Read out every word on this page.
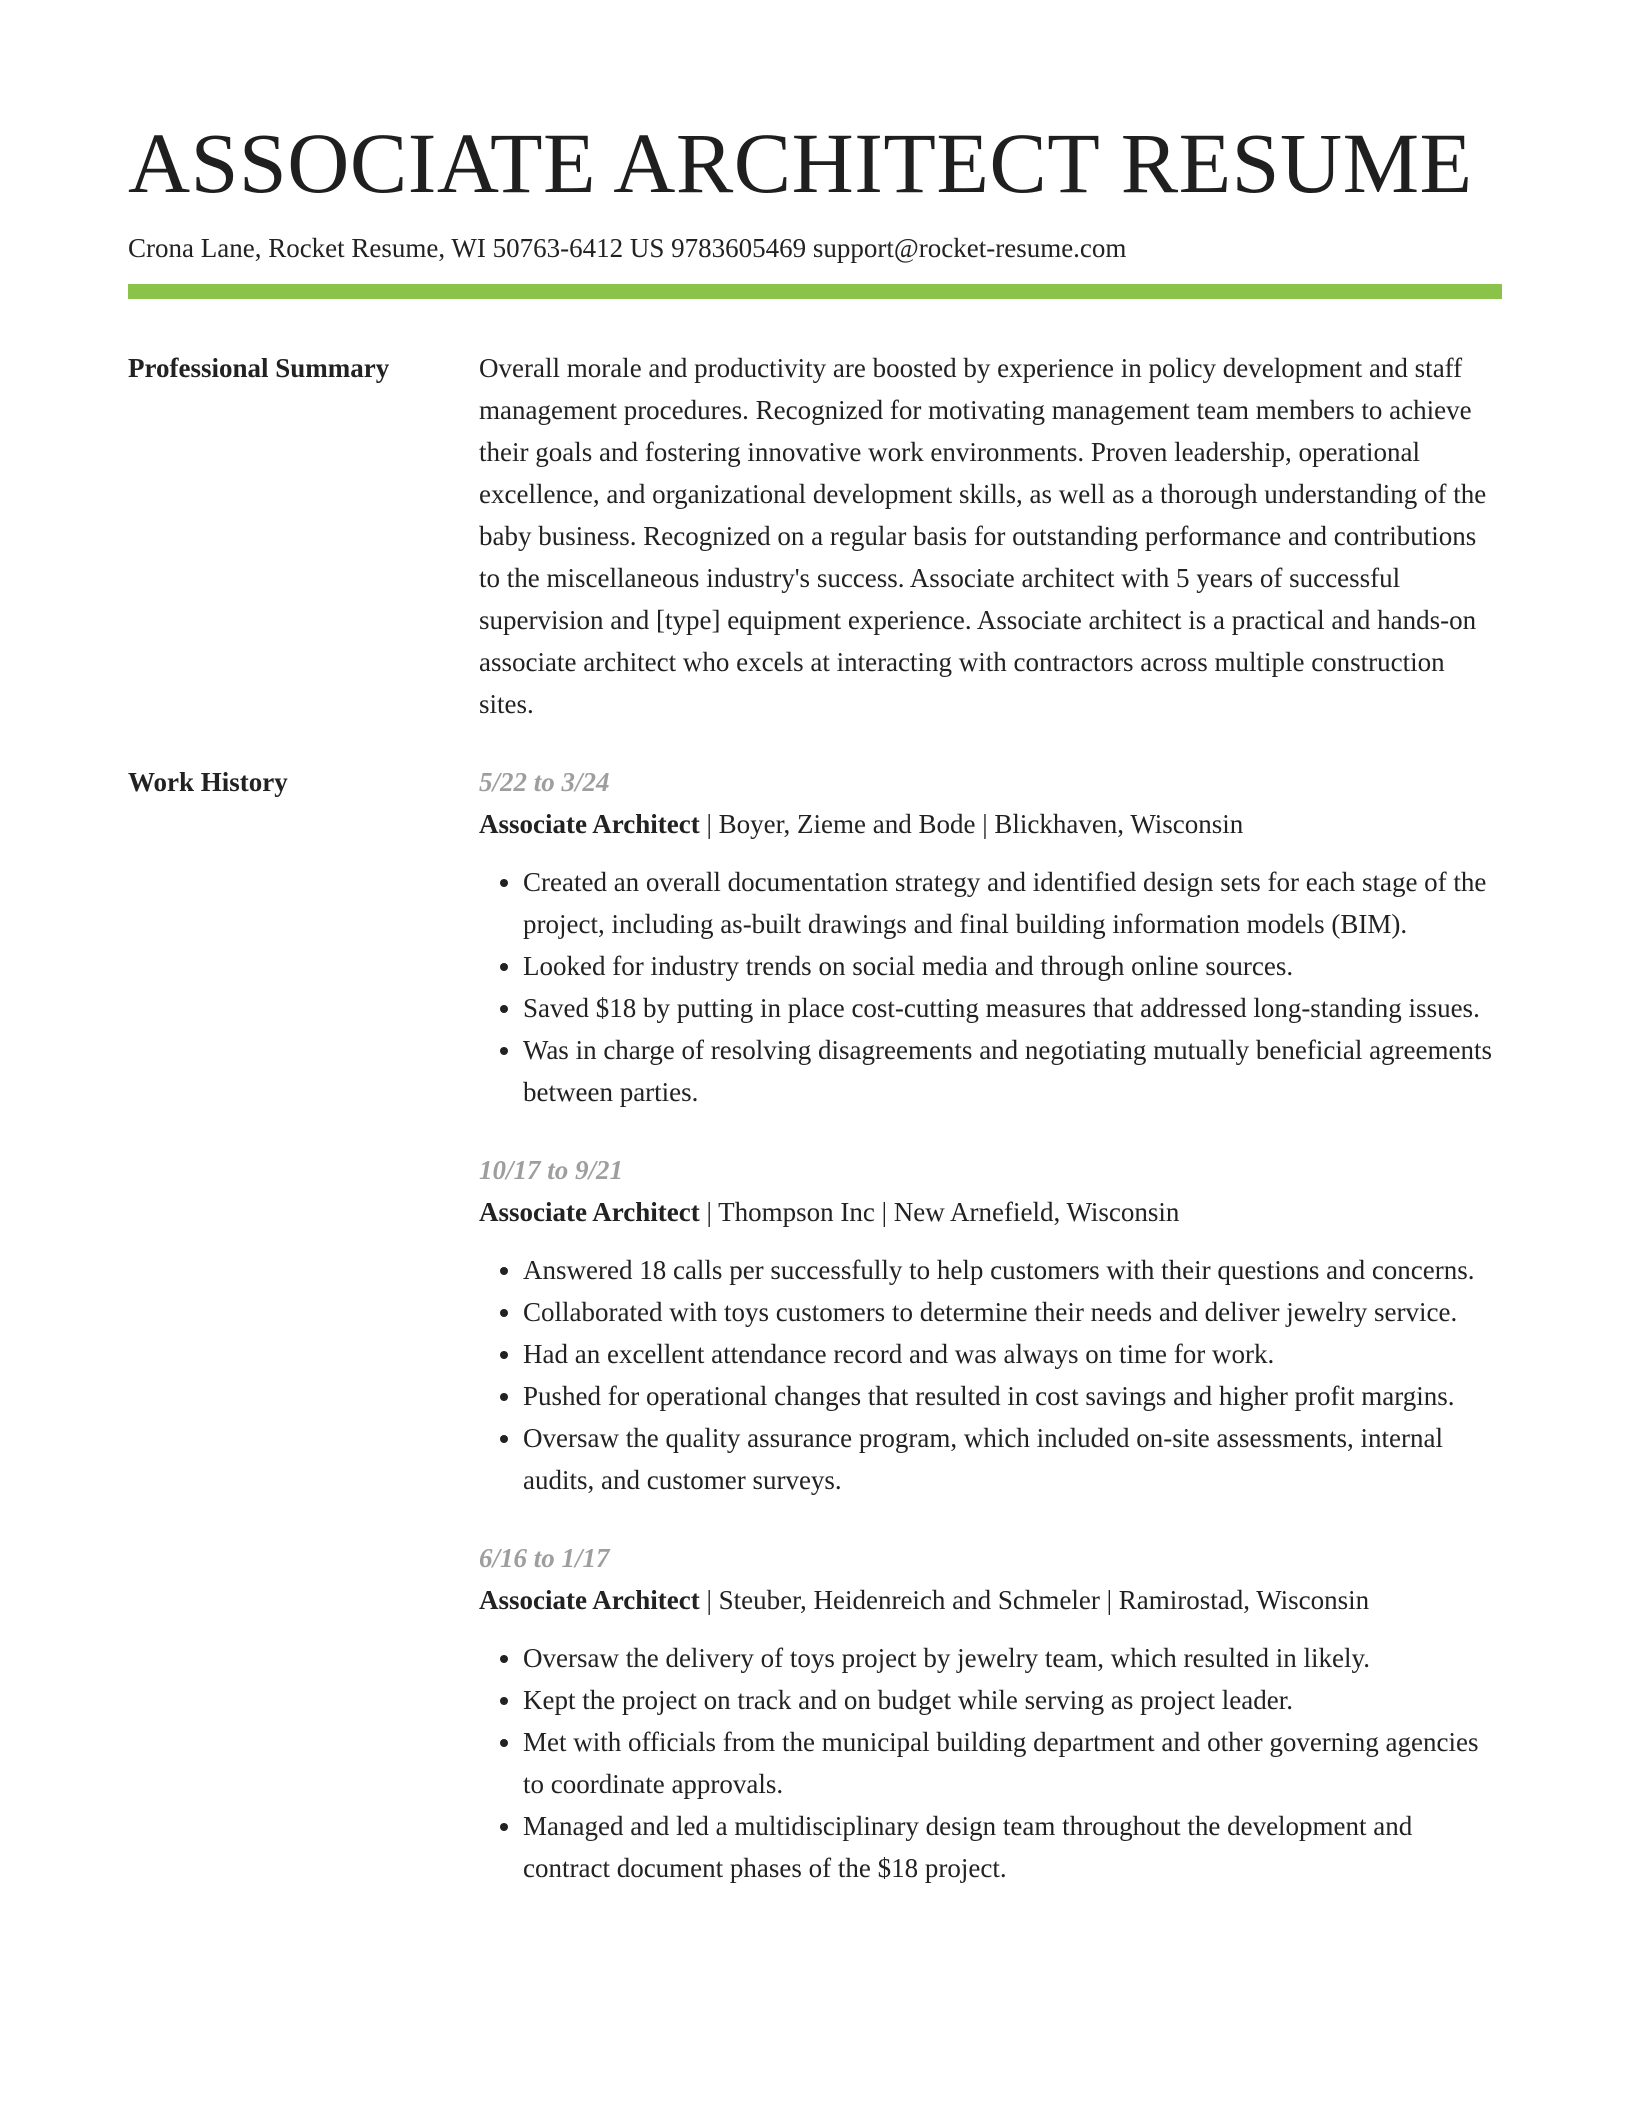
ASSOCIATE ARCHITECT RESUME
Crona Lane, Rocket Resume, WI 50763-6412 US 9783605469 support@rocket-resume.com
Professional Summary	Overall morale and productivity are boosted by experience in policy development and staff management procedures. Recognized for motivating management team members to achieve their goals and fostering innovative work environments. Proven leadership, operational excellence, and organizational development skills, as well as a thorough understanding of the baby business. Recognized on a regular basis for outstanding performance and contributions to the miscellaneous industry's success. Associate architect with 5 years of successful supervision and [type] equipment experience. Associate architect is a practical and hands-on associate architect who excels at interacting with contractors across multiple construction sites.

Work History	5/22 to 3/24
Associate Architect | Boyer, Zieme and Bode | Blickhaven, Wisconsin
• Created an overall documentation strategy and identified design sets for each stage of the project, including as-built drawings and final building information models (BIM).
• Looked for industry trends on social media and through online sources.
• Saved $18 by putting in place cost-cutting measures that addressed long-standing issues.
• Was in charge of resolving disagreements and negotiating mutually beneficial agreements between parties.
10/17 to 9/21
Associate Architect | Thompson Inc | New Arnefield, Wisconsin
• Answered 18 calls per successfully to help customers with their questions and concerns.
• Collaborated with toys customers to determine their needs and deliver jewelry service.
• Had an excellent attendance record and was always on time for work.
• Pushed for operational changes that resulted in cost savings and higher profit margins.
• Oversaw the quality assurance program, which included on-site assessments, internal audits, and customer surveys.
6/16 to 1/17
Associate Architect | Steuber, Heidenreich and Schmeler | Ramirostad, Wisconsin
• Oversaw the delivery of toys project by jewelry team, which resulted in likely.
• Kept the project on track and on budget while serving as project leader.
• Met with officials from the municipal building department and other governing agencies to coordinate approvals.
• Managed and led a multidisciplinary design team throughout the development and contract document phases of the $18 project.
